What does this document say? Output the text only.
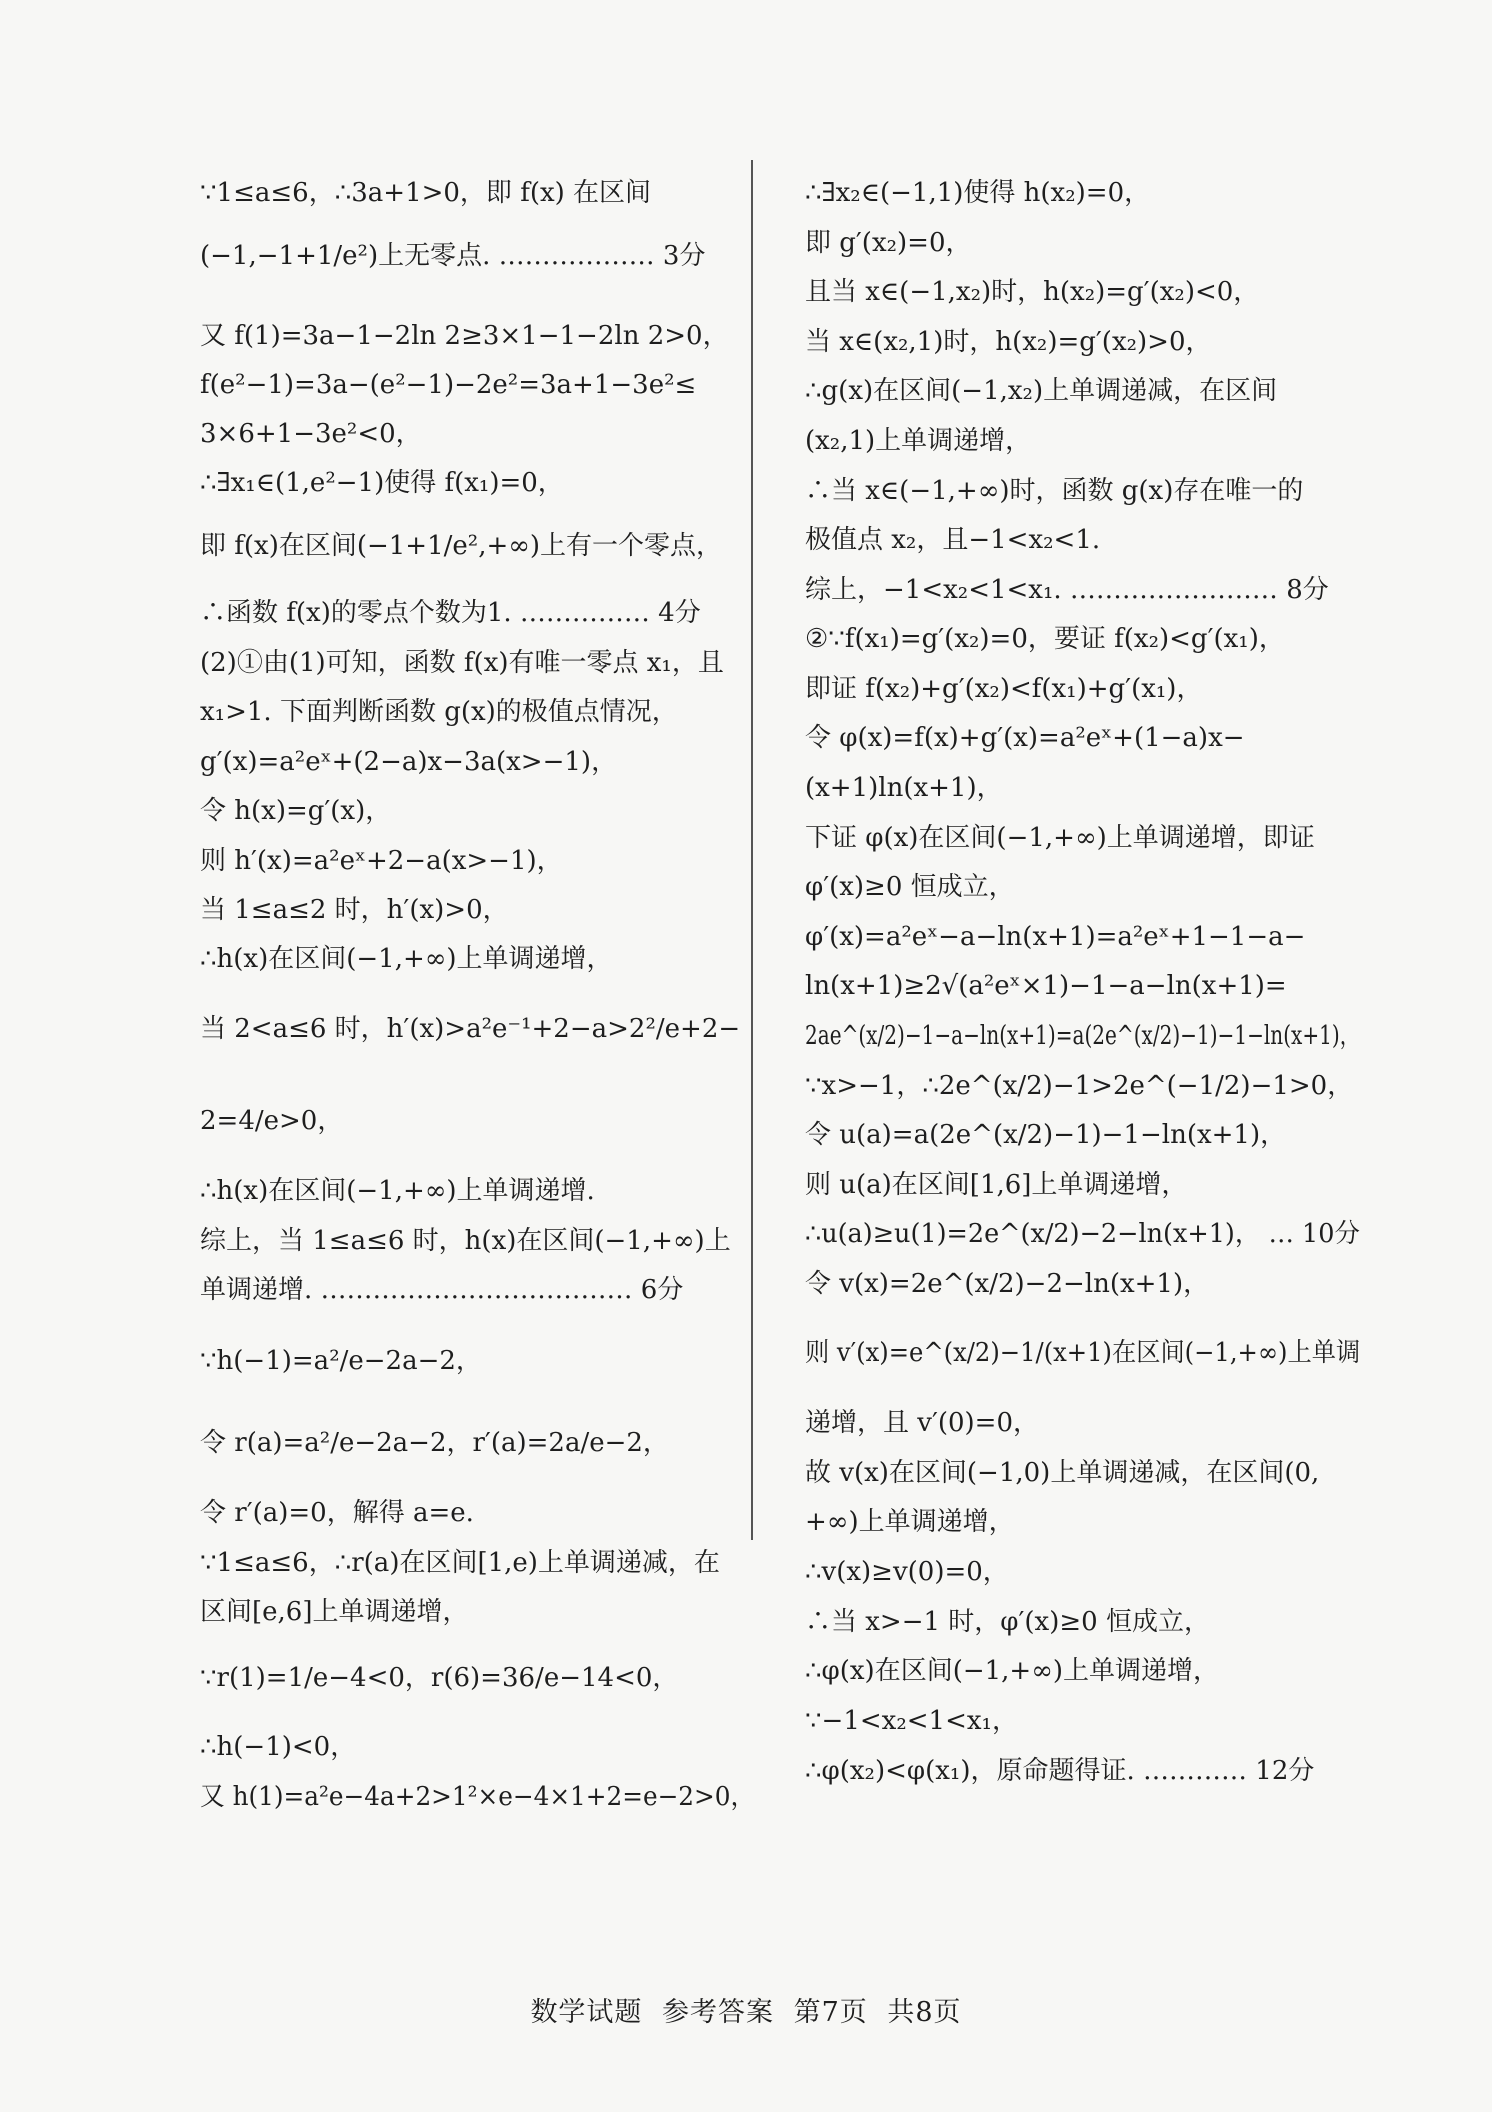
∵1≤a≤6，∴3a+1>0，即 f(x) 在区间
(−1,−1+1/e²)上无零点. ……………… 3分
又 f(1)=3a−1−2ln 2≥3×1−1−2ln 2>0，
f(e²−1)=3a−(e²−1)−2e²=3a+1−3e²≤
3×6+1−3e²<0，
∴∃x₁∈(1,e²−1)使得 f(x₁)=0，
即 f(x)在区间(−1+1/e²,+∞)上有一个零点，
∴函数 f(x)的零点个数为1. …………… 4分
(2)①由(1)可知，函数 f(x)有唯一零点 x₁，且
x₁>1. 下面判断函数 g(x)的极值点情况，
g′(x)=a²eˣ+(2−a)x−3a(x>−1)，
令 h(x)=g′(x)，
则 h′(x)=a²eˣ+2−a(x>−1)，
当 1≤a≤2 时，h′(x)>0，
∴h(x)在区间(−1,+∞)上单调递增，
当 2<a≤6 时，h′(x)>a²e⁻¹+2−a>2²/e+2−
2=4/e>0，
∴h(x)在区间(−1,+∞)上单调递增.
综上，当 1≤a≤6 时，h(x)在区间(−1,+∞)上
单调递增. ……………………………… 6分
∵h(−1)=a²/e−2a−2，
令 r(a)=a²/e−2a−2，r′(a)=2a/e−2，
令 r′(a)=0，解得 a=e.
∵1≤a≤6，∴r(a)在区间[1,e)上单调递减，在
区间[e,6]上单调递增，
∵r(1)=1/e−4<0，r(6)=36/e−14<0，
∴h(−1)<0，
又 h(1)=a²e−4a+2>1²×e−4×1+2=e−2>0，
∴∃x₂∈(−1,1)使得 h(x₂)=0，
即 g′(x₂)=0，
且当 x∈(−1,x₂)时，h(x₂)=g′(x₂)<0，
当 x∈(x₂,1)时，h(x₂)=g′(x₂)>0，
∴g(x)在区间(−1,x₂)上单调递减，在区间
(x₂,1)上单调递增，
∴当 x∈(−1,+∞)时，函数 g(x)存在唯一的
极值点 x₂，且−1<x₂<1.
综上，−1<x₂<1<x₁. …………………… 8分
②∵f(x₁)=g′(x₂)=0，要证 f(x₂)<g′(x₁)，
即证 f(x₂)+g′(x₂)<f(x₁)+g′(x₁)，
令 φ(x)=f(x)+g′(x)=a²eˣ+(1−a)x−
(x+1)ln(x+1)，
下证 φ(x)在区间(−1,+∞)上单调递增，即证
φ′(x)≥0 恒成立，
φ′(x)=a²eˣ−a−ln(x+1)=a²eˣ+1−1−a−
ln(x+1)≥2√(a²eˣ×1)−1−a−ln(x+1)=
2ae^(x/2)−1−a−ln(x+1)=a(2e^(x/2)−1)−1−ln(x+1)，
∵x>−1，∴2e^(x/2)−1>2e^(−1/2)−1>0，
令 u(a)=a(2e^(x/2)−1)−1−ln(x+1)，
则 u(a)在区间[1,6]上单调递增，
∴u(a)≥u(1)=2e^(x/2)−2−ln(x+1)， … 10分
令 v(x)=2e^(x/2)−2−ln(x+1)，
则 v′(x)=e^(x/2)−1/(x+1)在区间(−1,+∞)上单调
递增，且 v′(0)=0，
故 v(x)在区间(−1,0)上单调递减，在区间(0,
+∞)上单调递增，
∴v(x)≥v(0)=0，
∴当 x>−1 时，φ′(x)≥0 恒成立，
∴φ(x)在区间(−1,+∞)上单调递增，
∵−1<x₂<1<x₁，
∴φ(x₂)<φ(x₁)，原命题得证. ………… 12分
数学试题 参考答案 第7页 共8页
